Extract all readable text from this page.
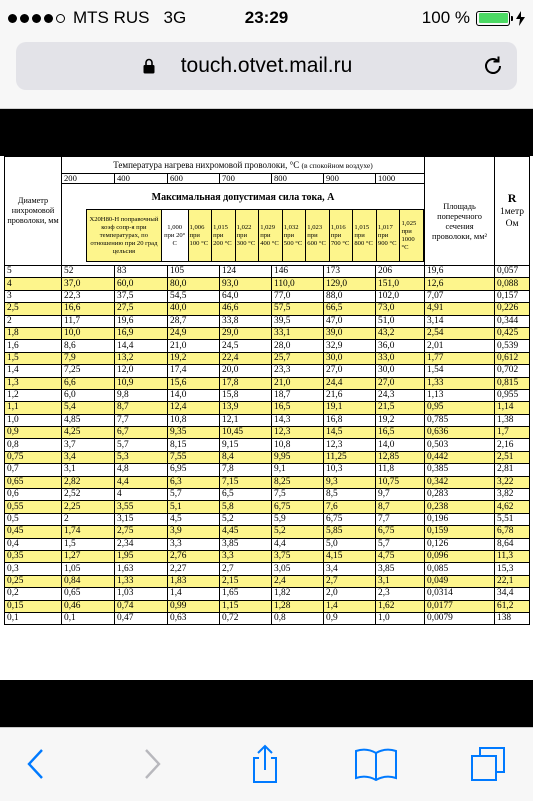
MTS RUS 3G	23:29	100 %
touch.otvet.mail.ru
Диаметр нихромовой проволоки, мм	Температура нагрева нихромовой проволоки, °С (в спокойном воздухе)	Площадь поперечного сечения проволоки, мм²	R
1метр Ом
200	400	600	700	800	900	1000

Максимальная допустимая сила тока, А
Х20Н80-Н поправочный коэф сопр-я при температурах, по отношению при 20 град цельсия	1,000 при 20° С	1,006 при 100 °С	1,015 при 200 °С	1,022 при 300 °С	1,029 при 400 °С	1,032 при 500 °С	1,023 при 600 °С	1,016 при 700 °С	1,015 при 800 °С	1,017 при 900 °С	1,025 при 1000 °С

5	52	83	105	124	146	173	206	19,6	0,057
4	37,0	60,0	80,0	93,0	110,0	129,0	151,0	12,6	0,088
3	22,3	37,5	54,5	64,0	77,0	88,0	102,0	7,07	0,157
2,5	16,6	27,5	40,0	46,6	57,5	66,5	73,0	4,91	0,226
2	11,7	19,6	28,7	33,8	39,5	47,0	51,0	3,14	0,344
1,8	10,0	16,9	24,9	29,0	33,1	39,0	43,2	2,54	0,425
1,6	8,6	14,4	21,0	24,5	28,0	32,9	36,0	2,01	0,539
1,5	7,9	13,2	19,2	22,4	25,7	30,0	33,0	1,77	0,612
1,4	7,25	12,0	17,4	20,0	23,3	27,0	30,0	1,54	0,702
1,3	6,6	10,9	15,6	17,8	21,0	24,4	27,0	1,33	0,815
1,2	6,0	9,8	14,0	15,8	18,7	21,6	24,3	1,13	0,955
1,1	5,4	8,7	12,4	13,9	16,5	19,1	21,5	0,95	1,14
1,0	4,85	7,7	10,8	12,1	14,3	16,8	19,2	0,785	1,38
0,9	4,25	6,7	9,35	10,45	12,3	14,5	16,5	0,636	1,7
0,8	3,7	5,7	8,15	9,15	10,8	12,3	14,0	0,503	2,16
0,75	3,4	5,3	7,55	8,4	9,95	11,25	12,85	0,442	2,51
0,7	3,1	4,8	6,95	7,8	9,1	10,3	11,8	0,385	2,81
0,65	2,82	4,4	6,3	7,15	8,25	9,3	10,75	0,342	3,22
0,6	2,52	4	5,7	6,5	7,5	8,5	9,7	0,283	3,82
0,55	2,25	3,55	5,1	5,8	6,75	7,6	8,7	0,238	4,62
0,5	2	3,15	4,5	5,2	5,9	6,75	7,7	0,196	5,51
0,45	1,74	2,75	3,9	4,45	5,2	5,85	6,75	0,159	6,78
0,4	1,5	2,34	3,3	3,85	4,4	5,0	5,7	0,126	8,64
0,35	1,27	1,95	2,76	3,3	3,75	4,15	4,75	0,096	11,3
0,3	1,05	1,63	2,27	2,7	3,05	3,4	3,85	0,085	15,3
0,25	0,84	1,33	1,83	2,15	2,4	2,7	3,1	0,049	22,1
0,2	0,65	1,03	1,4	1,65	1,82	2,0	2,3	0,0314	34,4
0,15	0,46	0,74	0,99	1,15	1,28	1,4	1,62	0,0177	61,2
0,1	0,1	0,47	0,63	0,72	0,8	0,9	1,0	0,0079	138
